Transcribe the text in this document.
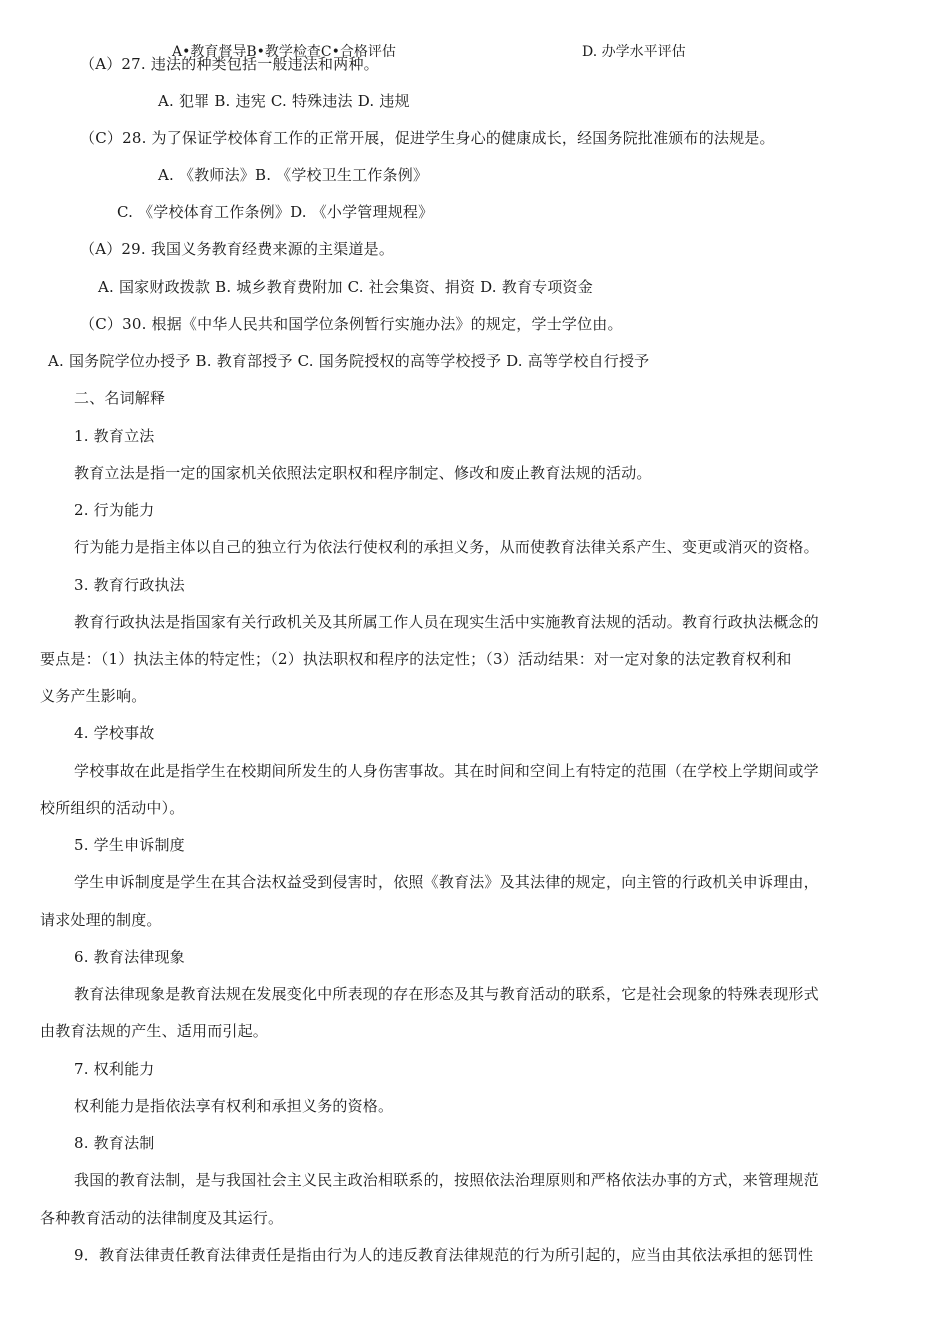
A•教育督导B•教学检查C•合格评估	D. 办学水平评估
（A）27. 违法的种类包括一般违法和两种。
A. 犯罪 B. 违宪 C. 特殊违法 D. 违规
（C）28. 为了保证学校体育工作的正常开展，促进学生身心的健康成长，经国务院批准颁布的法规是。
A. 《教师法》B. 《学校卫生工作条例》
C. 《学校体育工作条例》D. 《小学管理规程》
（A）29. 我国义务教育经费来源的主渠道是。
A. 国家财政拨款 B. 城乡教育费附加 C. 社会集资、捐资 D. 教育专项资金
（C）30. 根据《中华人民共和国学位条例暂行实施办法》的规定，学士学位由。
A. 国务院学位办授予 B. 教育部授予 C. 国务院授权的高等学校授予 D. 高等学校自行授予
二、名词解释
1. 教育立法
教育立法是指一定的国家机关依照法定职权和程序制定、修改和废止教育法规的活动。
2. 行为能力
行为能力是指主体以自己的独立行为依法行使权利的承担义务，从而使教育法律关系产生、变更或消灭的资格。
3. 教育行政执法
教育行政执法是指国家有关行政机关及其所属工作人员在现实生活中实施教育法规的活动。教育行政执法概念的
要点是：（1）执法主体的特定性；（2）执法职权和程序的法定性；（3）活动结果：对一定对象的法定教育权利和
义务产生影响。
4. 学校事故
学校事故在此是指学生在校期间所发生的人身伤害事故。其在时间和空间上有特定的范围（在学校上学期间或学
校所组织的活动中）。
5. 学生申诉制度
学生申诉制度是学生在其合法权益受到侵害时，依照《教育法》及其法律的规定，向主管的行政机关申诉理由，
请求处理的制度。
6. 教育法律现象
教育法律现象是教育法规在发展变化中所表现的存在形态及其与教育活动的联系，它是社会现象的特殊表现形式
由教育法规的产生、适用而引起。
7. 权利能力
权利能力是指依法享有权利和承担义务的资格。
8. 教育法制
我国的教育法制，是与我国社会主义民主政治相联系的，按照依法治理原则和严格依法办事的方式，来管理规范
各种教育活动的法律制度及其运行。
9．教育法律责任教育法律责任是指由行为人的违反教育法律规范的行为所引起的，应当由其依法承担的惩罚性
